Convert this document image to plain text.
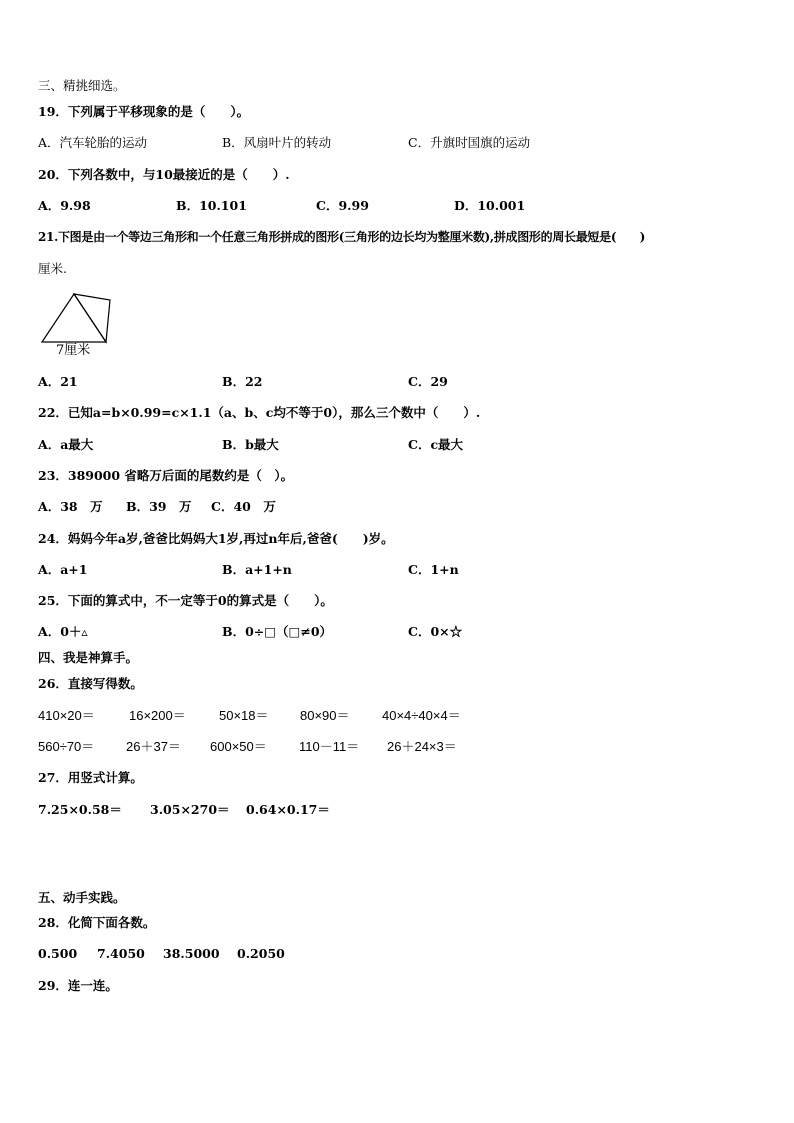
三、精挑细选。
19．下列属于平移现象的是（　　）。
A．汽车轮胎的运动	B．风扇叶片的转动	C．升旗时国旗的运动
20．下列各数中，与10最接近的是（　　）.
A．9.98	B．10.101	C．9.99	D．10.001
21.下图是由一个等边三角形和一个任意三角形拼成的图形(三角形的边长均为整厘米数),拼成图形的周长最短是(　　)
厘米.
7厘米
A．21	B．22	C．29
22．已知a=b×0.99=c×1.1（a、b、c均不等于0），那么三个数中（　　）.
A．a最大	B．b最大	C．c最大
23．389000 省略万后面的尾数约是（　）。
A．38　万 B．39　万 C．40　万
24．妈妈今年a岁,爸爸比妈妈大1岁,再过n年后,爸爸(　　)岁。
A．a+1	B．a+1+n	C．1+n
25．下面的算式中，不一定等于0的算式是（　　）。
A．0＋▵	B．0÷□（□≠0）	C．0×☆
四、我是神算手。
26．直接写得数。
410×20＝	16×200＝	50×18＝ 80×90＝ 40×4÷40×4＝
560÷70＝ 26＋37＝ 600×50＝ 110－11＝ 26＋24×3＝
27．用竖式计算。
7.25×0.58＝ 3.05×270＝ 0.64×0.17＝
五、动手实践。
28．化简下面各数。
0.500 7.4050 38.5000 0.2050
29．连一连。
